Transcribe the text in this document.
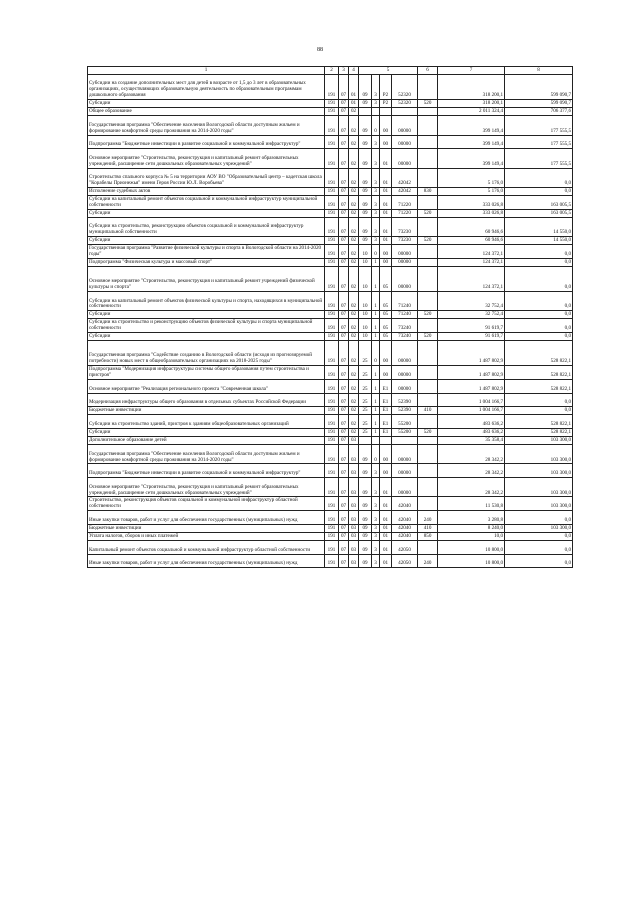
88
1	2	3	4	5				6	7	8
Субсидии на создание дополнительных мест для детей в возрасте от 1,5 до 3 лет в образовательных организациях, осуществляющих образовательную деятельность по образовательным программам дошкольного образования	191	07	01	09	3	P2	52320		318 200,1	599 090,7
Субсидии	191	07	01	09	3	P2	52320	520	318 200,1	599 090,7
Общее образование	191	07	02						2 011 324,4	706 377,6
Государственная программа "Обеспечение населения Вологодской области доступным жильем и формирование комфортной среды проживания на 2014-2020 годы"	191	07	02	09	0	00	00000		399 149,4	177 555,5
Подпрограмма "Бюджетные инвестиции в развитие социальной и коммунальной инфраструктур"	191	07	02	09	3	00	00000		399 149,4	177 555,5
Основное мероприятие "Строительство, реконструкция и капитальный ремонт образовательных учреждений, расширение сети дошкольных образовательных учреждений"	191	07	02	09	3	01	00000		399 149,4	177 555,5
Строительство спального корпуса № 5 на территории АОУ ВО "Образовательный центр – кадетская школа "Корабелы Прионежья" имени Героя России Ю.Л. Воробьева"	191	07	02	09	3	01	42042		5 176,0	0,0
Исполнение судебных актов	191	07	02	09	3	01	42042	830	5 176,0	0,0
Субсидии на капитальный ремонт объектов социальной и коммунальной инфраструктур муниципальной собственности	191	07	02	09	3	01	71220		333 026,8	163 005,5
Субсидии	191	07	02	09	3	01	71220	520	333 026,8	163 005,5
Субсидии на строительство, реконструкцию объектов социальной и коммунальной инфраструктур муниципальной собственности	191	07	02	09	3	01	73230		60 946,6	14 550,0
Субсидии	191	07	02	09	3	01	73230	520	60 946,6	14 550,0
Государственная программа "Развитие физической культуры и спорта в Вологодской области на 2014-2020 годы"	191	07	02	10	0	00	00000		124 372,1	0,0
Подпрограмма "Физическая культура и массовый спорт"	191	07	02	10	1	00	00000		124 372,1	0,0
Основное мероприятие "Строительство, реконструкция и капитальный ремонт учреждений физической культуры и спорта"	191	07	02	10	1	05	00000		124 372,1	0,0
Субсидии на капитальный ремонт объектов физической культуры и спорта, находящихся в муниципальной собственности	191	07	02	10	1	05	71240		32 752,4	0,0
Субсидии	191	07	02	10	1	05	71240	520	32 752,4	0,0
Субсидии на строительство и реконструкцию объектов физической культуры и спорта муниципальной собственности	191	07	02	10	1	05	73240		91 619,7	0,0
Субсидии	191	07	02	10	1	05	73240	520	91 619,7	0,0
Государственная программа "Содействие созданию в Вологодской области (исходя из прогнозируемой потребности) новых мест в общеобразовательных организациях на 2018-2025 годы"	191	07	02	25	0	00	00000		1 487 802,9	528 822,1
Подпрограмма "Модернизация инфраструктуры системы общего образования путем строительства и пристроя"	191	07	02	25	1	00	00000		1 487 802,9	528 822,1
Основное мероприятие "Реализация регионального проекта "Современная школа"	191	07	02	25	1	E1	00000		1 487 802,9	528 822,1
Модернизация инфраструктуры общего образования в отдельных субъектах Российской Федерации	191	07	02	25	1	E1	52390		1 004 166,7	0,0
Бюджетные инвестиции	191	07	02	25	1	E1	52390	410	1 004 166,7	0,0
Субсидии на строительство зданий, пристроя к зданиям общеобразовательных организаций	191	07	02	25	1	E1	55200		483 636,2	528 822,1
Субсидии	191	07	02	25	1	E1	55200	520	483 636,2	528 822,1
Дополнительное образование детей	191	07	03						35 358,4	103 300,0
Государственная программа "Обеспечение населения Вологодской области доступным жильем и формирование комфортной среды проживания на 2014-2020 годы"	191	07	03	09	0	00	00000		28 342,2	103 300,0
Подпрограмма "Бюджетные инвестиции в развитие социальной и коммунальной инфраструктур"	191	07	03	09	3	00	00000		28 342,2	103 300,0
Основное мероприятие "Строительство, реконструкция и капитальный ремонт образовательных учреждений, расширение сети дошкольных образовательных учреждений"	191	07	03	09	3	01	00000		28 342,2	103 300,0
Строительство, реконструкция объектов социальной и коммунальной инфраструктур областной собственности	191	07	03	09	3	01	42040		11 530,8	103 300,0
Иные закупки товаров, работ и услуг для обеспечения государственных (муниципальных) нужд	191	07	03	09	3	01	42040	240	3 280,8	0,0
Бюджетные инвестиции	191	07	03	09	3	01	42040	410	8 240,0	103 300,0
Уплата налогов, сборов и иных платежей	191	07	03	09	3	01	42040	850	10,0	0,0
Капитальный ремонт объектов социальной и коммунальной инфраструктур областной собственности	191	07	03	09	3	01	42050		10 800,0	0,0
Иные закупки товаров, работ и услуг для обеспечения государственных (муниципальных) нужд	191	07	03	09	3	01	42050	240	10 800,0	0,0
